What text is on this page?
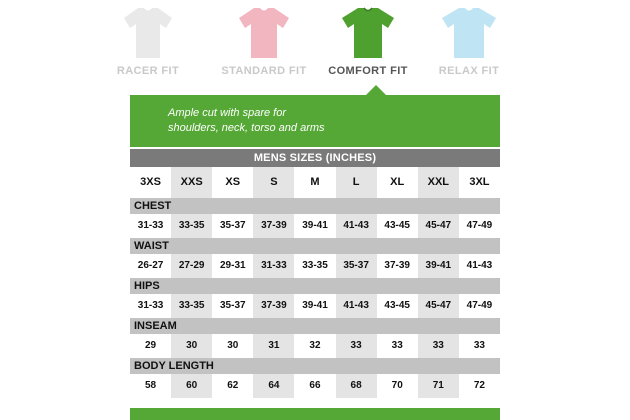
RACER FIT	STANDARD FIT	COMFORT FIT	RELAX FIT
Ample cut with spare for
shoulders, neck, torso and arms
MENS SIZES (INCHES)
3XS	XXS	XS	S	M	L	XL	XXL	3XL
CHEST
31-33	33-35	35-37	37-39	39-41	41-43	43-45	45-47	47-49
WAIST
26-27	27-29	29-31	31-33	33-35	35-37	37-39	39-41	41-43
HIPS
31-33	33-35	35-37	37-39	39-41	41-43	43-45	45-47	47-49
INSEAM
29	30	30	31	32	33	33	33	33
BODY LENGTH
58	60	62	64	66	68	70	71	72
